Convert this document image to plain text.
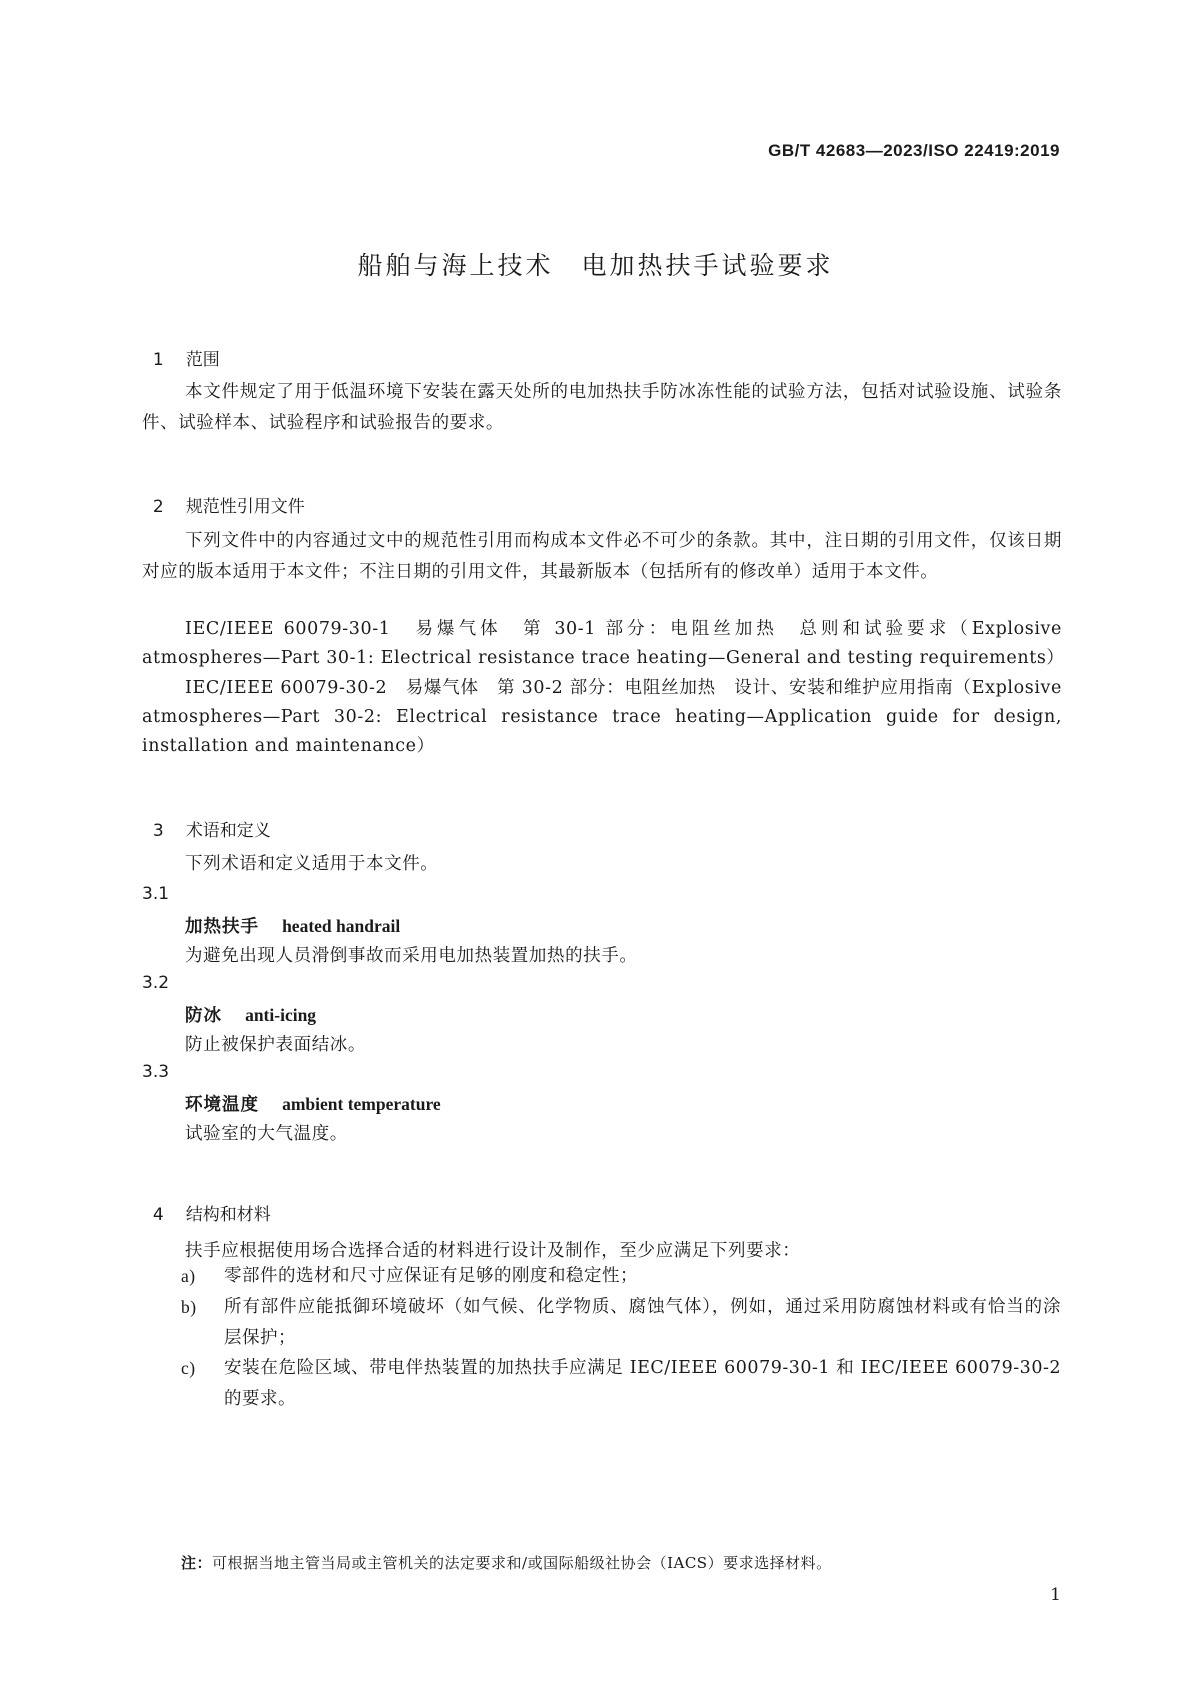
GB/T 42683—2023/ISO 22419:2019
船舶与海上技术　电加热扶手试验要求

1 范围

本文件规定了用于低温环境下安装在露天处所的电加热扶手防冰冻性能的试验方法，包括对试验设施、试验条件、试验样本、试验程序和试验报告的要求。

2 规范性引用文件

下列文件中的内容通过文中的规范性引用而构成本文件必不可少的条款。其中，注日期的引用文件，仅该日期对应的版本适用于本文件；不注日期的引用文件，其最新版本（包括所有的修改单）适用于本文件。
IEC/IEEE 60079-30-1　易爆气体　第 30-1 部分：电阻丝加热　总则和试验要求（Explosive atmospheres—Part 30-1: Electrical resistance trace heating—General and testing requirements）
IEC/IEEE 60079-30-2　易爆气体　第 30-2 部分：电阻丝加热　设计、安装和维护应用指南（Explosive atmospheres—Part 30-2: Electrical resistance trace heating—Application guide for design, installation and maintenance）

3 术语和定义

下列术语和定义适用于本文件。
3.1
加热扶手　 heated handrail
为避免出现人员滑倒事故而采用电加热装置加热的扶手。
3.2
防冰　 anti-icing
防止被保护表面结冰。
3.3
环境温度　 ambient temperature
试验室的大气温度。

4 结构和材料

扶手应根据使用场合选择合适的材料进行设计及制作，至少应满足下列要求：
a) 零部件的选材和尺寸应保证有足够的刚度和稳定性；
b) 所有部件应能抵御环境破坏（如气候、化学物质、腐蚀气体），例如，通过采用防腐蚀材料或有恰当的涂层保护；
c) 安装在危险区域、带电伴热装置的加热扶手应满足 IEC/IEEE 60079-30-1 和 IEC/IEEE 60079-30-2 的要求。
注：可根据当地主管当局或主管机关的法定要求和/或国际船级社协会（IACS）要求选择材料。
1
